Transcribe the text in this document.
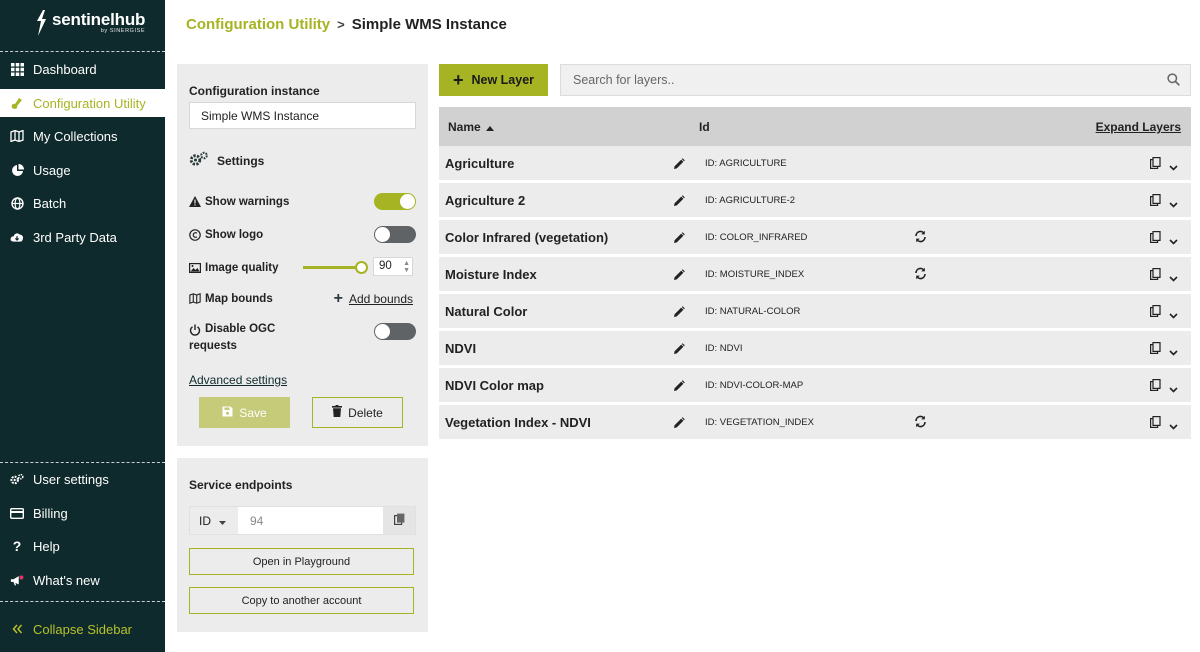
sentinelhub
by SINERGISE
Dashboard
Configuration Utility
My Collections
Usage
Batch
3rd Party Data
User settings
Billing
? Help
What's new
Collapse Sidebar
Configuration Utility > Simple WMS Instance
Configuration instance
Simple WMS Instance
Settings
Show warnings
Show logo
Image quality	90 ▲
▼
Map bounds	+ Add bounds
Disable OGC
requests
Advanced settings
Save	Delete
Service endpoints
ID	94
Open in Playground
Copy to another account
+ New Layer	Search for layers..
Name	Id	Expand Layers
Agriculture	ID: AGRICULTURE
Agriculture 2	ID: AGRICULTURE-2
Color Infrared (vegetation)	ID: COLOR_INFRARED
Moisture Index	ID: MOISTURE_INDEX
Natural Color	ID: NATURAL-COLOR
NDVI	ID: NDVI
NDVI Color map	ID: NDVI-COLOR-MAP
Vegetation Index - NDVI	ID: VEGETATION_INDEX
